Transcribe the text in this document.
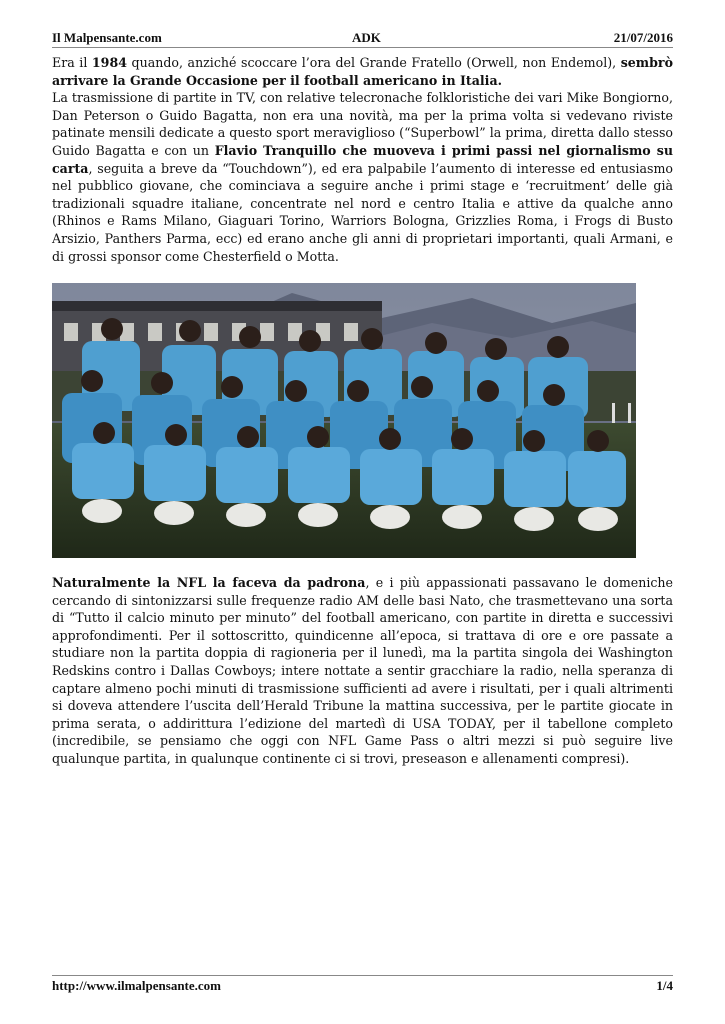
Il Malpensante.com	ADK	21/07/2016

Era il 1984 quando, anziché scoccare l’ora del Grande Fratello (Orwell, non Endemol), sembrò arrivare la Grande Occasione per il football americano in Italia.

La trasmissione di partite in TV, con relative telecronache folkloristiche dei vari Mike Bongiorno, Dan Peterson o Guido Bagatta, non era una novità, ma per la prima volta si vedevano riviste patinate mensili dedicate a questo sport meraviglioso (“Superbowl” la prima, diretta dallo stesso Guido Bagatta e con un Flavio Tranquillo che muoveva i primi passi nel giornalismo su carta, seguita a breve da “Touchdown”), ed era palpabile l’aumento di interesse ed entusiasmo nel pubblico giovane, che cominciava a seguire anche i primi stage e ‘recruitment’ delle già tradizionali squadre italiane, concentrate nel nord e centro Italia e attive da qualche anno (Rhinos e Rams Milano, Giaguari Torino, Warriors Bologna, Grizzlies Roma, i Frogs di Busto Arsizio, Panthers Parma, ecc) ed erano anche gli anni di proprietari importanti, quali Armani, e di grossi sponsor come Chesterfield o Motta.

Naturalmente la NFL la faceva da padrona, e i più appassionati passavano le domeniche cercando di sintonizzarsi sulle frequenze radio AM delle basi Nato, che trasmettevano una sorta di “Tutto il calcio minuto per minuto” del football americano, con partite in diretta e successivi approfondimenti. Per il sottoscritto, quindicenne all’epoca, si trattava di ore e ore passate a studiare non la partita doppia di ragioneria per il lunedì, ma la partita singola dei Washington Redskins contro i Dallas Cowboys; intere nottate a sentir gracchiare la radio, nella speranza di captare almeno pochi minuti di trasmissione sufficienti ad avere i risultati, per i quali altrimenti si doveva attendere l’uscita dell’Herald Tribune la mattina successiva, per le partite giocate in prima serata, o addirittura l’edizione del martedì di USA TODAY, per il tabellone completo (incredibile, se pensiamo che oggi con NFL Game Pass o altri mezzi si può seguire live qualunque partita, in qualunque continente ci si trovi, preseason e allenamenti compresi).

http://www.ilmalpensante.com	1/4
